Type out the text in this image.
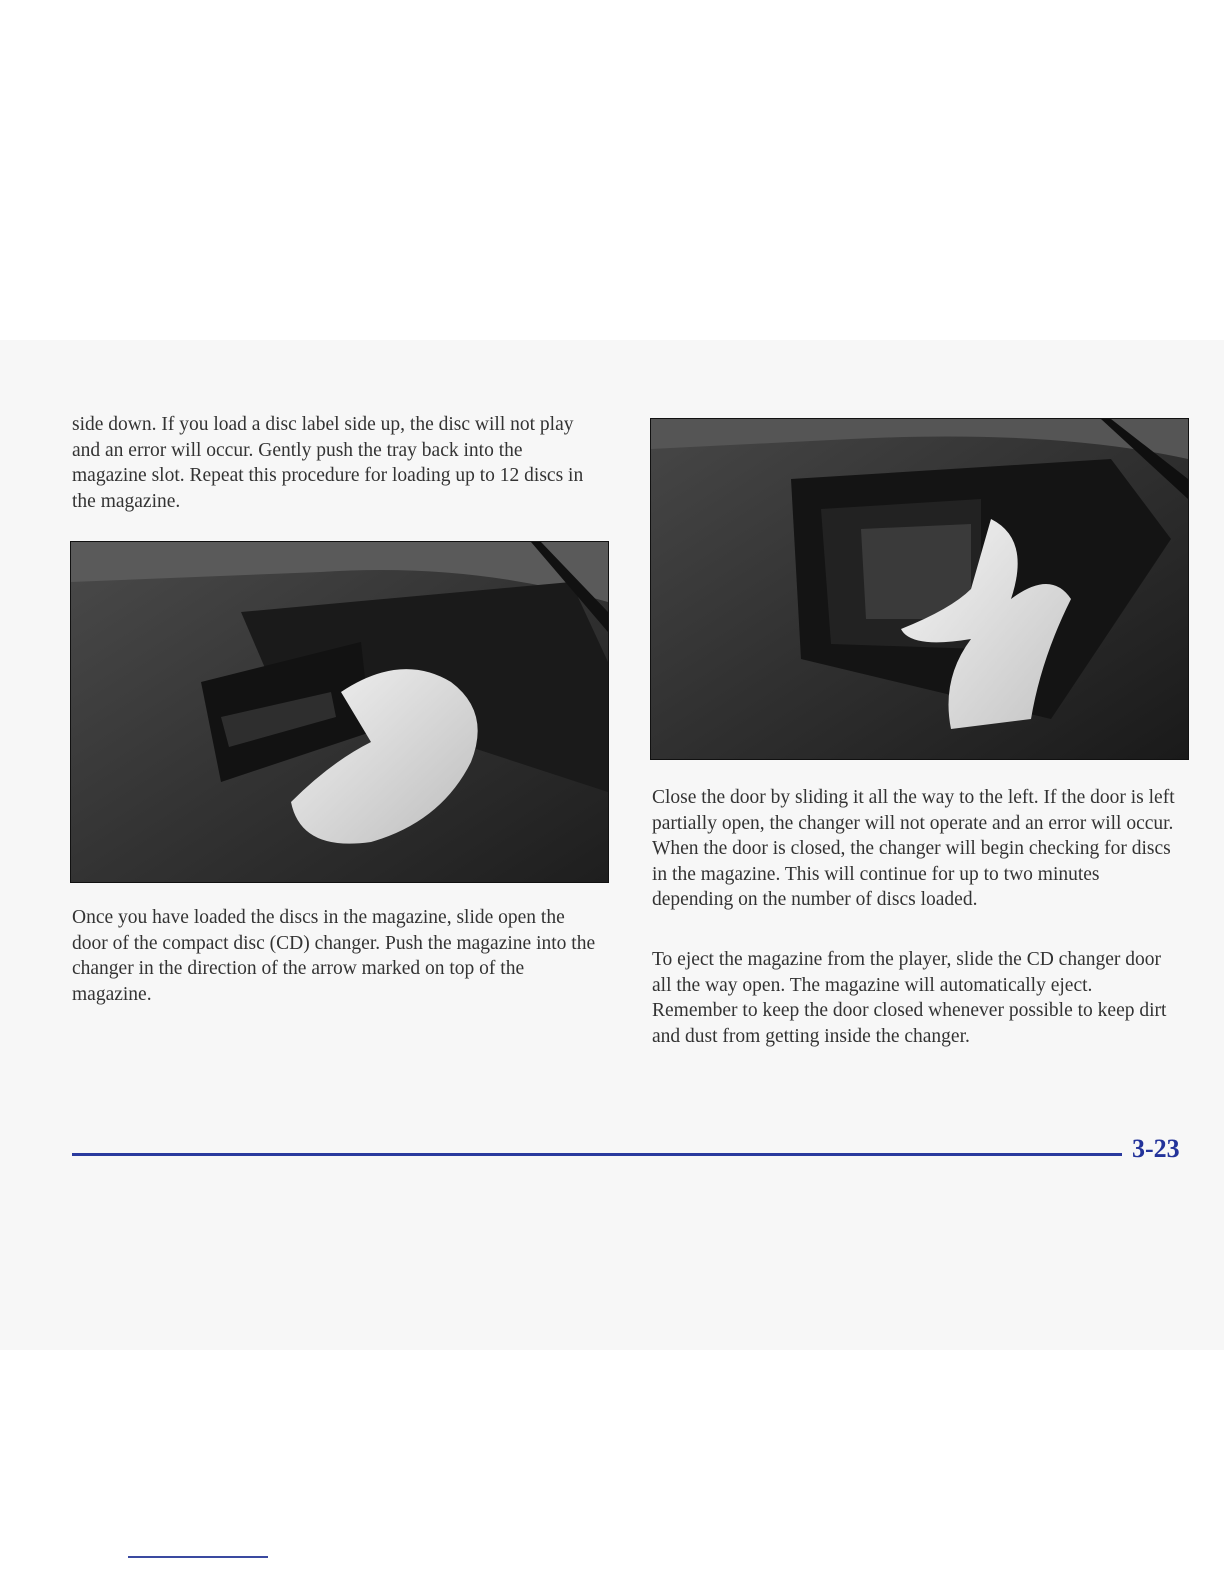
side down. If you load a disc label side up, the disc will not play and an error will occur. Gently push the tray back into the magazine slot. Repeat this procedure for loading up to 12 discs in the magazine.

Once you have loaded the discs in the magazine, slide open the door of the compact disc (CD) changer. Push the magazine into the changer in the direction of the arrow marked on top of the magazine.

Close the door by sliding it all the way to the left. If the door is left partially open, the changer will not operate and an error will occur. When the door is closed, the changer will begin checking for discs in the magazine. This will continue for up to two minutes depending on the number of discs loaded.

To eject the magazine from the player, slide the CD changer door all the way open. The magazine will automatically eject. Remember to keep the door closed whenever possible to keep dirt and dust from getting inside the changer.

3-23
